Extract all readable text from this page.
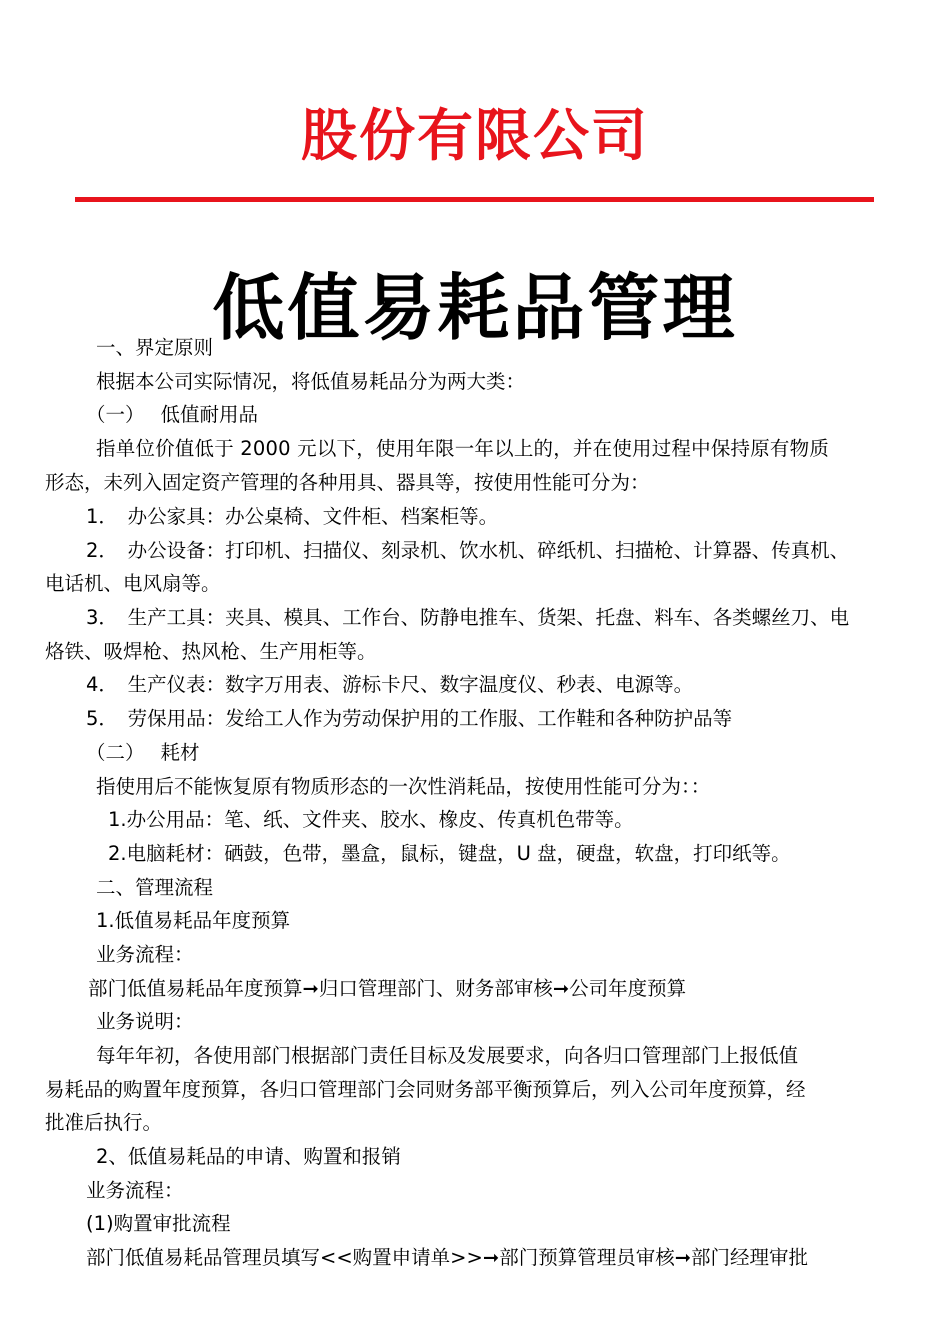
股份有限公司
低值易耗品管理
一、界定原则
根据本公司实际情况，将低值易耗品分为两大类：
（一）　 低值耐用品
指单位价值低于 2000 元以下，使用年限一年以上的，并在使用过程中保持原有物质
形态，未列入固定资产管理的各种用具、器具等，按使用性能可分为：
1．　办公家具：办公桌椅、文件柜、档案柜等。
2．　办公设备：打印机、扫描仪、刻录机、饮水机、碎纸机、扫描枪、计算器、传真机、
电话机、电风扇等。
3．　生产工具：夹具、模具、工作台、防静电推车、货架、托盘、料车、各类螺丝刀、电
烙铁、吸焊枪、热风枪、生产用柜等。
4．　生产仪表：数字万用表、游标卡尺、数字温度仪、秒表、电源等。
5．　劳保用品：发给工人作为劳动保护用的工作服、工作鞋和各种防护品等
（二）　 耗材
指使用后不能恢复原有物质形态的一次性消耗品，按使用性能可分为：：
1.办公用品：笔、纸、文件夹、胶水、橡皮、传真机色带等。
2.电脑耗材：硒鼓，色带，墨盒，鼠标，键盘，U 盘，硬盘，软盘，打印纸等。
二、管理流程
1.低值易耗品年度预算
业务流程：
部门低值易耗品年度预算➞归口管理部门、财务部审核➞公司年度预算
业务说明：
每年年初，各使用部门根据部门责任目标及发展要求，向各归口管理部门上报低值
易耗品的购置年度预算，各归口管理部门会同财务部平衡预算后，列入公司年度预算，经
批准后执行。
2、低值易耗品的申请、购置和报销
业务流程：
(1)购置审批流程
部门低值易耗品管理员填写<<购置申请单>>➞部门预算管理员审核➞部门经理审批
